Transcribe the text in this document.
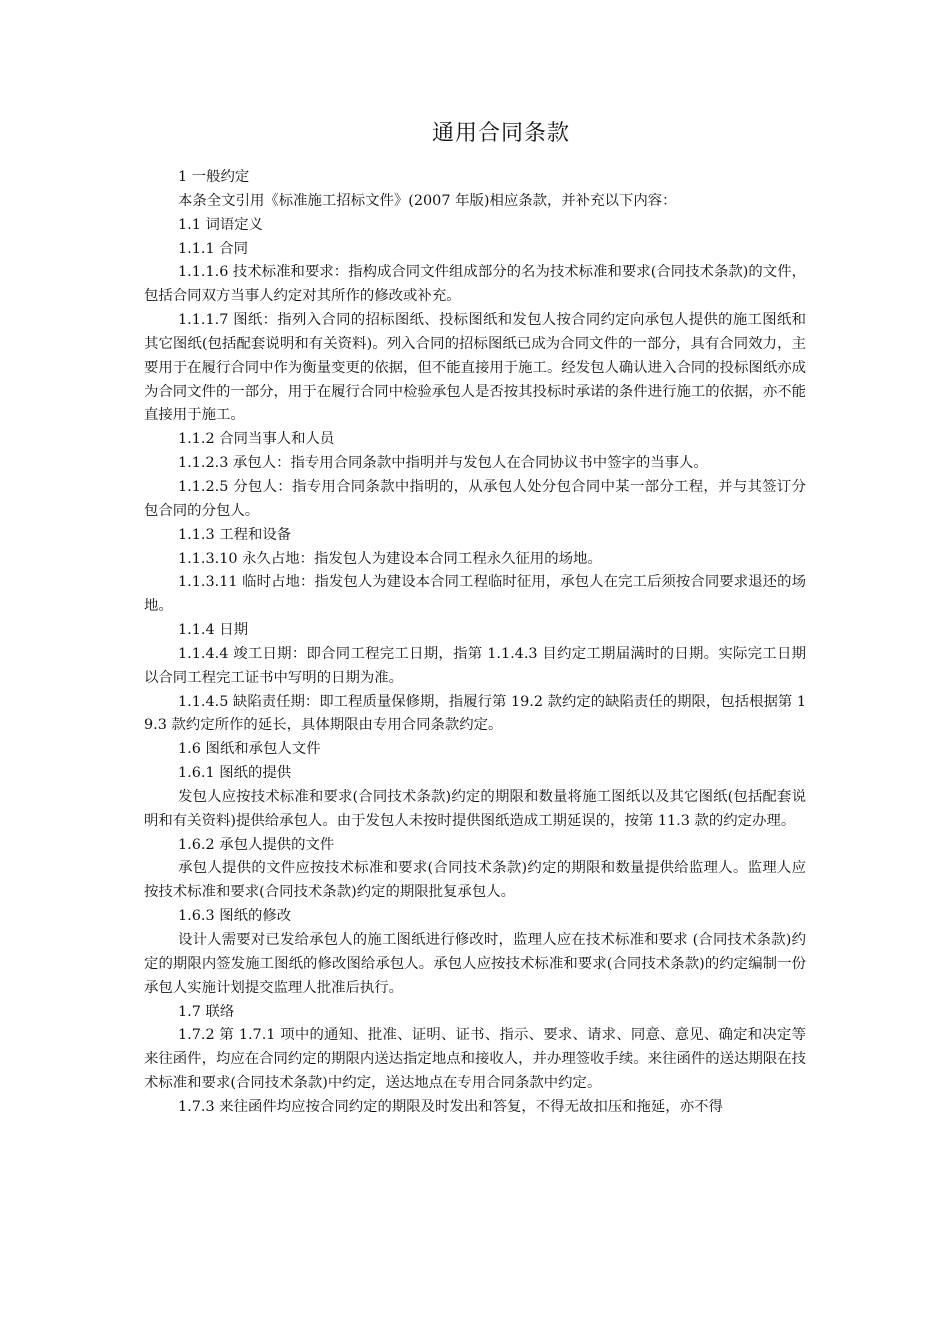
通用合同条款

1 一般约定

本条全文引用《标准施工招标文件》(2007 年版)相应条款，并补充以下内容：

1.1 词语定义

1.1.1 合同

1.1.1.6 技术标准和要求：指构成合同文件组成部分的名为技术标准和要求(合同技术条款)的文件，包括合同双方当事人约定对其所作的修改或补充。

1.1.1.7 图纸：指列入合同的招标图纸、投标图纸和发包人按合同约定向承包人提供的施工图纸和其它图纸(包括配套说明和有关资料)。列入合同的招标图纸已成为合同文件的一部分，具有合同效力，主要用于在履行合同中作为衡量变更的依据，但不能直接用于施工。经发包人确认进入合同的投标图纸亦成为合同文件的一部分，用于在履行合同中检验承包人是否按其投标时承诺的条件进行施工的依据，亦不能直接用于施工。

1.1.2 合同当事人和人员

1.1.2.3 承包人：指专用合同条款中指明并与发包人在合同协议书中签字的当事人。

1.1.2.5 分包人：指专用合同条款中指明的，从承包人处分包合同中某一部分工程，并与其签订分包合同的分包人。

1.1.3 工程和设备

1.1.3.10 永久占地：指发包人为建设本合同工程永久征用的场地。

1.1.3.11 临时占地：指发包人为建设本合同工程临时征用，承包人在完工后须按合同要求退还的场地。

1.1.4 日期

1.1.4.4 竣工日期：即合同工程完工日期，指第 1.1.4.3 目约定工期届满时的日期。实际完工日期以合同工程完工证书中写明的日期为准。

1.1.4.5 缺陷责任期：即工程质量保修期，指履行第 19.2 款约定的缺陷责任的期限，包括根据第 19.3 款约定所作的延长，具体期限由专用合同条款约定。

1.6 图纸和承包人文件

1.6.1 图纸的提供

发包人应按技术标准和要求(合同技术条款)约定的期限和数量将施工图纸以及其它图纸(包括配套说明和有关资料)提供给承包人。由于发包人未按时提供图纸造成工期延误的，按第 11.3 款的约定办理。

1.6.2 承包人提供的文件

承包人提供的文件应按技术标准和要求(合同技术条款)约定的期限和数量提供给监理人。监理人应按技术标准和要求(合同技术条款)约定的期限批复承包人。

1.6.3 图纸的修改

设计人需要对已发给承包人的施工图纸进行修改时，监理人应在技术标准和要求 (合同技术条款)约定的期限内签发施工图纸的修改图给承包人。承包人应按技术标准和要求(合同技术条款)的约定编制一份承包人实施计划提交监理人批准后执行。

1.7 联络

1.7.2 第 1.7.1 项中的通知、批准、证明、证书、指示、要求、请求、同意、意见、确定和决定等来往函件，均应在合同约定的期限内送达指定地点和接收人，并办理签收手续。来往函件的送达期限在技术标准和要求(合同技术条款)中约定，送达地点在专用合同条款中约定。

1.7.3 来往函件均应按合同约定的期限及时发出和答复，不得无故扣压和拖延，亦不得
